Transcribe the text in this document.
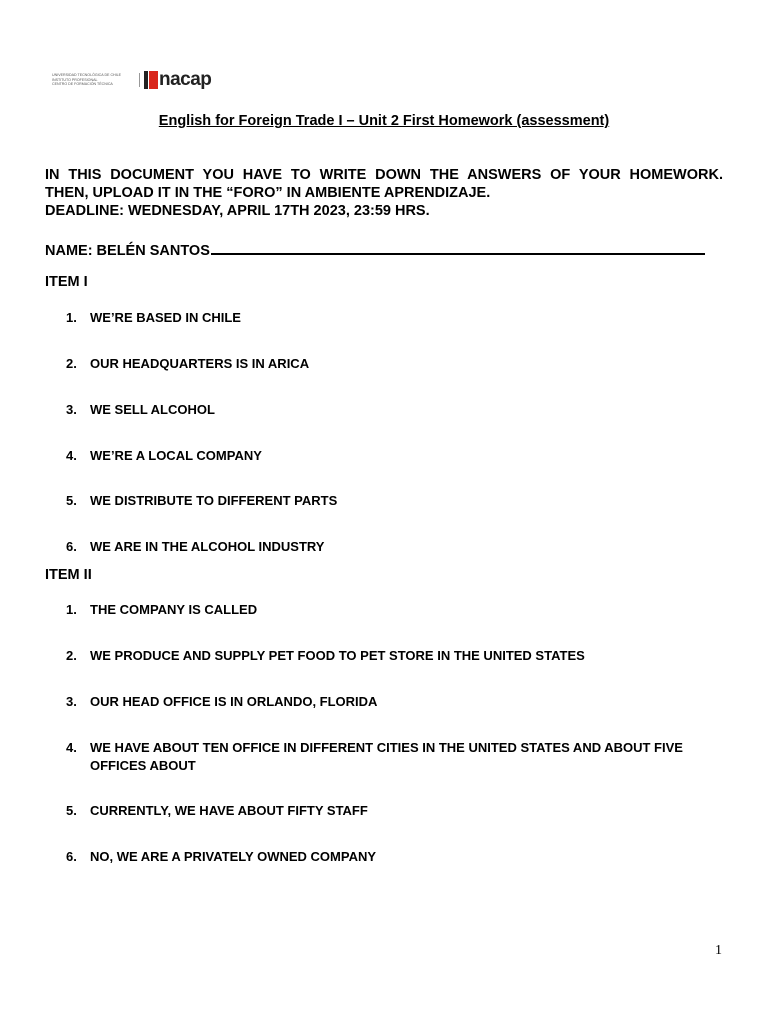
UNIVERSIDAD TECNOLÓGICA DE CHILE
INSTITUTO PROFESIONAL
CENTRO DE FORMACIÓN TÉCNICA	nacap
English for Foreign Trade I – Unit 2 First Homework (assessment)
IN THIS DOCUMENT YOU HAVE TO WRITE DOWN THE ANSWERS OF YOUR HOMEWORK.
THEN, UPLOAD IT IN THE “FORO” IN AMBIENTE APRENDIZAJE.
DEADLINE: WEDNESDAY, APRIL 17TH 2023, 23:59 HRS.
NAME: BELÉN SANTOS
ITEM I
1. WE’RE BASED IN CHILE
2. OUR HEADQUARTERS IS IN ARICA
3. WE SELL ALCOHOL
4. WE’RE A LOCAL COMPANY
5. WE DISTRIBUTE TO DIFFERENT PARTS
6. WE ARE IN THE ALCOHOL INDUSTRY
ITEM II
1. THE COMPANY IS CALLED
2. WE PRODUCE AND SUPPLY PET FOOD TO PET STORE IN THE UNITED STATES
3. OUR HEAD OFFICE IS IN ORLANDO, FLORIDA
4. WE HAVE ABOUT TEN OFFICE IN DIFFERENT CITIES IN THE UNITED STATES AND ABOUT FIVE OFFICES ABOUT
5. CURRENTLY, WE HAVE ABOUT FIFTY STAFF
6. NO, WE ARE A PRIVATELY OWNED COMPANY
1
